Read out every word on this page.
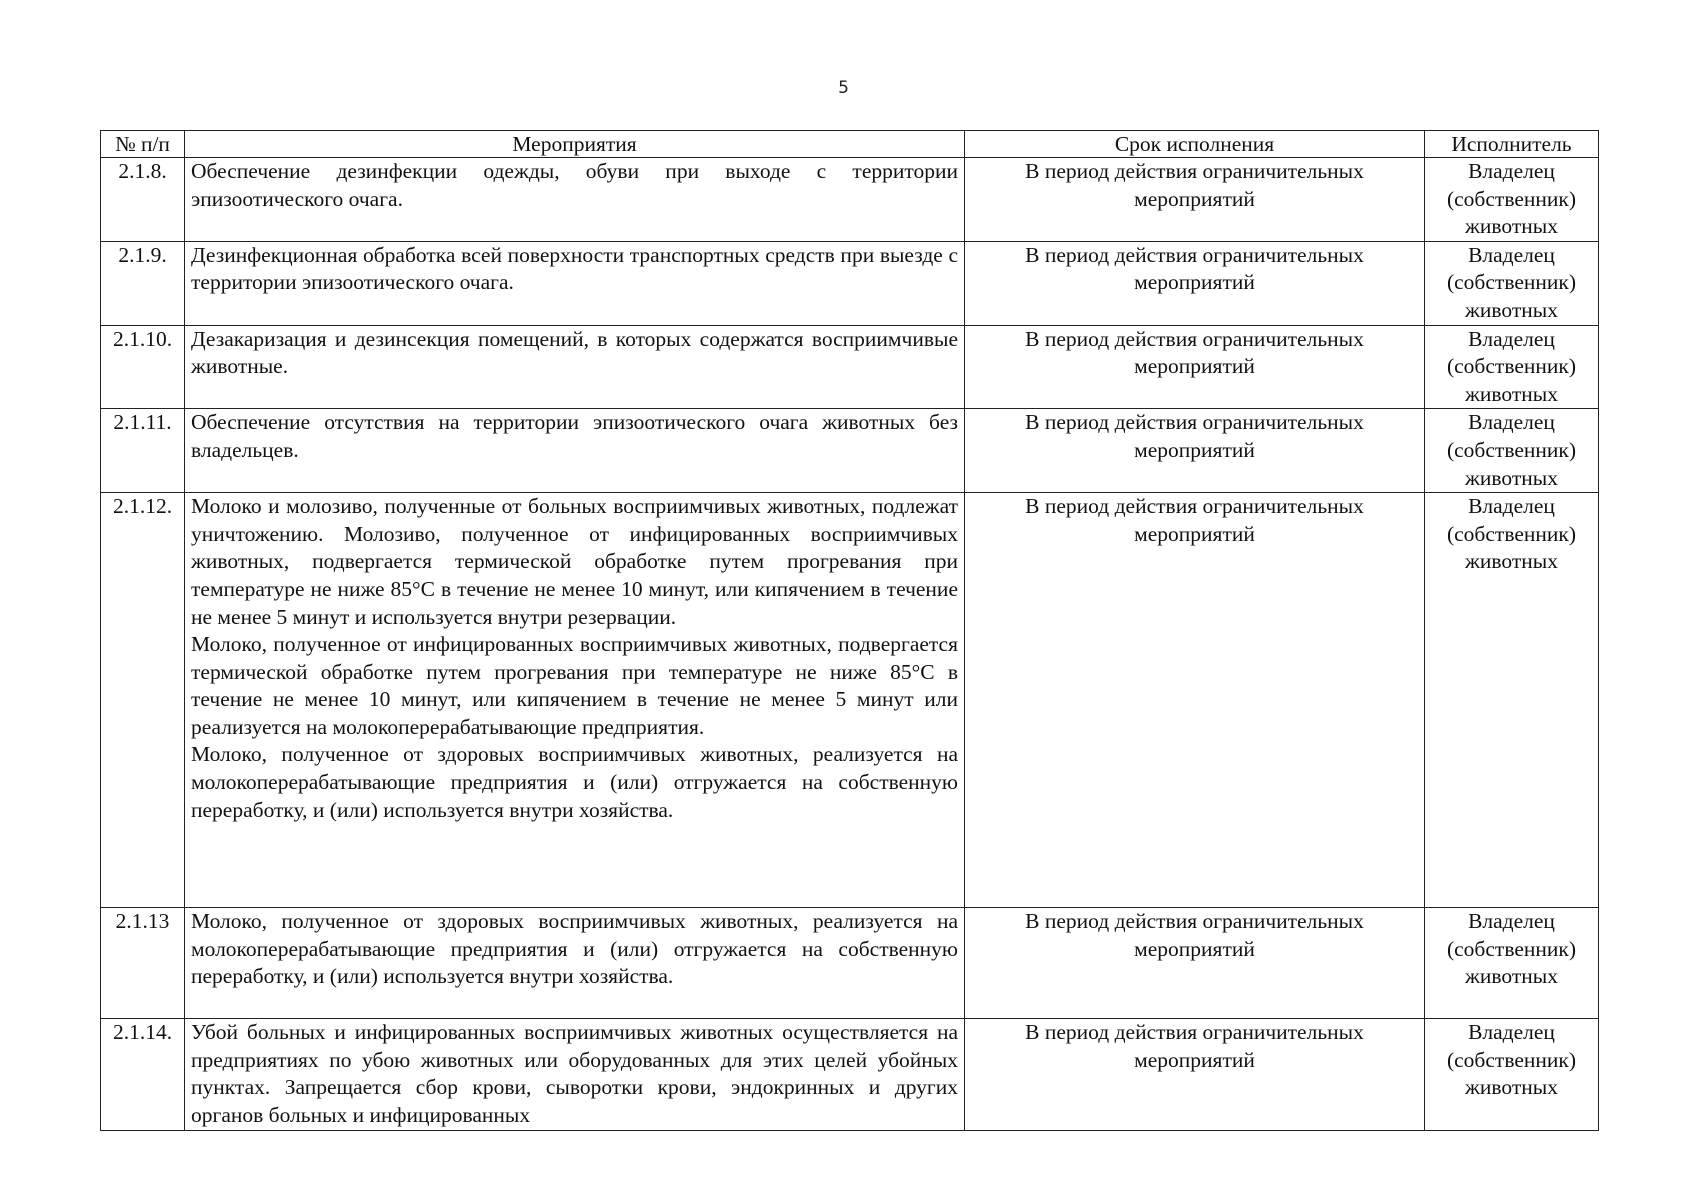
5
№ п/п	Мероприятия	Срок исполнения	Исполнитель
2.1.8.	Обеспечение дезинфекции одежды, обуви при выходе с территории эпизоотического очага.	В период действия ограничительных мероприятий	Владелец (собственник) животных
2.1.9.	Дезинфекционная обработка всей поверхности транспортных средств при выезде с территории эпизоотического очага.	В период действия ограничительных мероприятий	Владелец (собственник) животных
2.1.10.	Дезакаризация и дезинсекция помещений, в которых содержатся восприимчивые животные.	В период действия ограничительных мероприятий	Владелец (собственник) животных
2.1.11.	Обеспечение отсутствия на территории эпизоотического очага животных без владельцев.	В период действия ограничительных мероприятий	Владелец (собственник) животных
2.1.12.	Молоко и молозиво, полученные от больных восприимчивых животных, подлежат уничтожению. Молозиво, полученное от инфицированных восприимчивых животных, подвергается термической обработке путем прогревания при температуре не ниже 85°С в течение не менее 10 минут, или кипячением в течение не менее 5 минут и используется внутри резервации.
Молоко, полученное от инфицированных восприимчивых животных, подвергается термической обработке путем прогревания при температуре не ниже 85°С в течение не менее 10 минут, или кипячением в течение не менее 5 минут или реализуется на молокоперерабатывающие предприятия.
Молоко, полученное от здоровых восприимчивых животных, реализуется на молокоперерабатывающие предприятия и (или) отгружается на собственную переработку, и (или) используется внутри хозяйства.	В период действия ограничительных мероприятий	Владелец (собственник) животных
2.1.13	Молоко, полученное от здоровых восприимчивых животных, реализуется на молокоперерабатывающие предприятия и (или) отгружается на собственную переработку, и (или) используется внутри хозяйства.	В период действия ограничительных мероприятий	Владелец (собственник) животных
2.1.14.	Убой больных и инфицированных восприимчивых животных осуществляется на предприятиях по убою животных или оборудованных для этих целей убойных пунктах. Запрещается сбор крови, сыворотки крови, эндокринных и других органов больных и инфицированных	В период действия ограничительных мероприятий	Владелец (собственник) животных
